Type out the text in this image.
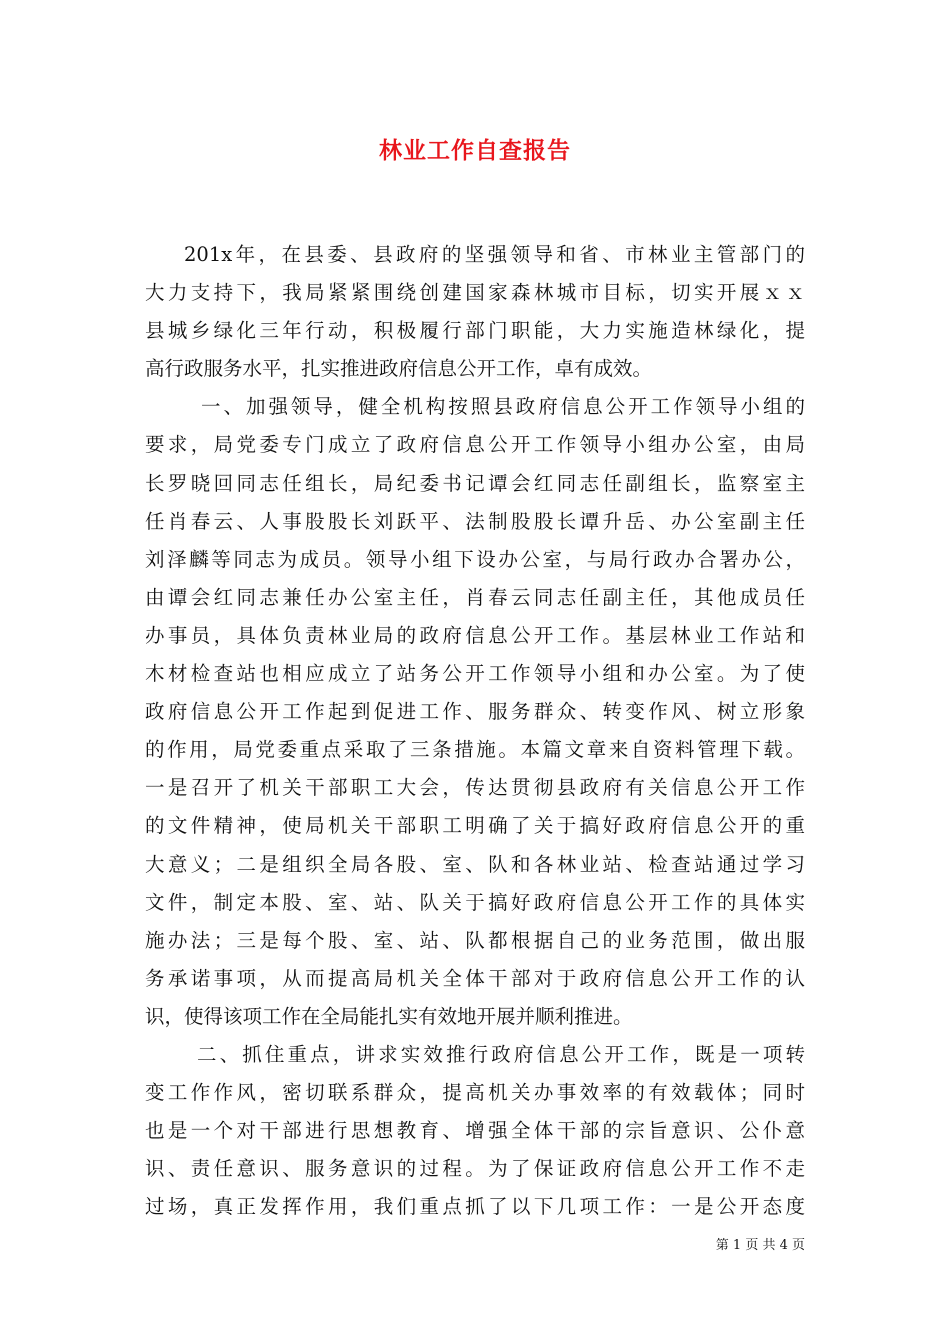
林业工作自查报告
201x年，在县委、县政府的坚强领导和省、市林业主管部门的
大力支持下，我局紧紧围绕创建国家森林城市目标，切实开展ｘｘ
县城乡绿化三年行动，积极履行部门职能，大力实施造林绿化，提
高行政服务水平，扎实推进政府信息公开工作，卓有成效。
一、加强领导，健全机构按照县政府信息公开工作领导小组的
要求，局党委专门成立了政府信息公开工作领导小组办公室，由局
长罗晓回同志任组长，局纪委书记谭会红同志任副组长，监察室主
任肖春云、人事股股长刘跃平、法制股股长谭升岳、办公室副主任
刘泽麟等同志为成员。领导小组下设办公室，与局行政办合署办公，
由谭会红同志兼任办公室主任，肖春云同志任副主任，其他成员任
办事员，具体负责林业局的政府信息公开工作。基层林业工作站和
木材检查站也相应成立了站务公开工作领导小组和办公室。为了使
政府信息公开工作起到促进工作、服务群众、转变作风、树立形象
的作用，局党委重点采取了三条措施。本篇文章来自资料管理下载。
一是召开了机关干部职工大会，传达贯彻县政府有关信息公开工作
的文件精神，使局机关干部职工明确了关于搞好政府信息公开的重
大意义；二是组织全局各股、室、队和各林业站、检查站通过学习
文件，制定本股、室、站、队关于搞好政府信息公开工作的具体实
施办法；三是每个股、室、站、队都根据自己的业务范围，做出服
务承诺事项，从而提高局机关全体干部对于政府信息公开工作的认
识，使得该项工作在全局能扎实有效地开展并顺利推进。
二、抓住重点，讲求实效推行政府信息公开工作，既是一项转
变工作作风，密切联系群众，提高机关办事效率的有效载体；同时
也是一个对干部进行思想教育、增强全体干部的宗旨意识、公仆意
识、责任意识、服务意识的过程。为了保证政府信息公开工作不走
过场，真正发挥作用，我们重点抓了以下几项工作：一是公开态度
第 1 页 共 4 页
